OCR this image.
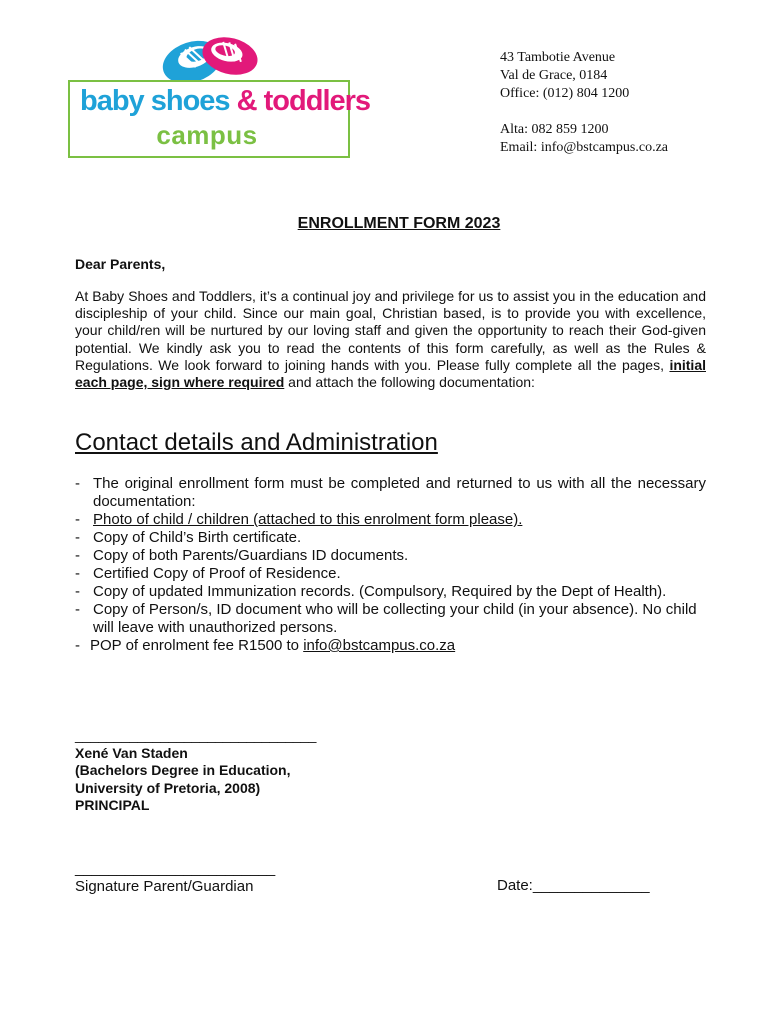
baby shoes & toddlers
campus
43 Tambotie Avenue
Val de Grace, 0184
Office: (012) 804 1200
Alta: 082 859 1200
Email: info@bstcampus.co.za
ENROLLMENT FORM 2023
Dear Parents,

At Baby Shoes and Toddlers, it’s a continual joy and privilege for us to assist you in the education and discipleship of your child. Since our main goal, Christian based, is to provide you with excellence, your child/ren will be nurtured by our loving staff and given the opportunity to reach their God-given potential. We kindly ask you to read the contents of this form carefully, as well as the Rules & Regulations. We look forward to joining hands with you. Please fully complete all the pages, initial each page, sign where required and attach the following documentation:

Contact details and Administration
- The original enrollment form must be completed and returned to us with all the necessary documentation:
- Photo of child / children (attached to this enrolment form please).
- Copy of Child’s Birth certificate.
- Copy of both Parents/Guardians ID documents.
- Certified Copy of Proof of Residence.
- Copy of updated Immunization records. (Compulsory, Required by the Dept of Health).
- Copy of Person/s, ID document who will be collecting your child (in your absence). No child will leave with unauthorized persons.
- POP of enrolment fee R1500 to info@bstcampus.co.za
_______________________________
Xené Van Staden
(Bachelors Degree in Education,
University of Pretoria, 2008)
PRINCIPAL
________________________
Signature Parent/Guardian	Date:______________
